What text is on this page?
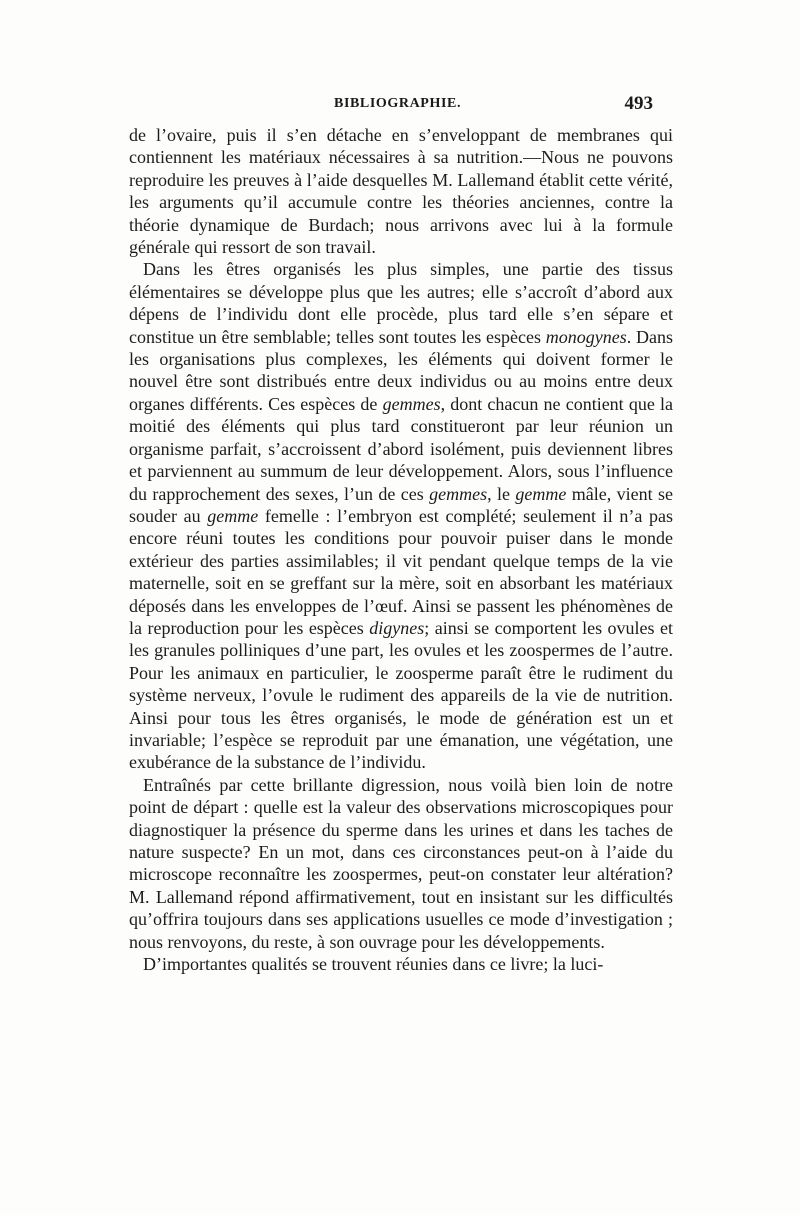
BIBLIOGRAPHIE.	493

de l’ovaire, puis il s’en détache en s’enveloppant de membranes qui contiennent les matériaux nécessaires à sa nutrition.—Nous ne pouvons reproduire les preuves à l’aide desquelles M. Lallemand établit cette vérité, les arguments qu’il accumule contre les théories anciennes, contre la théorie dynamique de Burdach; nous arrivons avec lui à la formule générale qui ressort de son travail.

Dans les êtres organisés les plus simples, une partie des tissus élémentaires se développe plus que les autres; elle s’accroît d’abord aux dépens de l’individu dont elle procède, plus tard elle s’en sépare et constitue un être semblable; telles sont toutes les espèces monogynes. Dans les organisations plus complexes, les éléments qui doivent former le nouvel être sont distribués entre deux individus ou au moins entre deux organes différents. Ces espèces de gemmes, dont chacun ne contient que la moitié des éléments qui plus tard constitueront par leur réunion un organisme parfait, s’accroissent d’abord isolément, puis deviennent libres et parviennent au summum de leur développement. Alors, sous l’influence du rapprochement des sexes, l’un de ces gemmes, le gemme mâle, vient se souder au gemme femelle : l’embryon est complété; seulement il n’a pas encore réuni toutes les conditions pour pouvoir puiser dans le monde extérieur des parties assimilables; il vit pendant quelque temps de la vie maternelle, soit en se greffant sur la mère, soit en absorbant les matériaux déposés dans les enveloppes de l’œuf. Ainsi se passent les phénomènes de la reproduction pour les espèces digynes; ainsi se comportent les ovules et les granules polliniques d’une part, les ovules et les zoospermes de l’autre. Pour les animaux en particulier, le zoosperme paraît être le rudiment du système nerveux, l’ovule le rudiment des appareils de la vie de nutrition. Ainsi pour tous les êtres organisés, le mode de génération est un et invariable; l’espèce se reproduit par une émanation, une végétation, une exubérance de la substance de l’individu.

Entraînés par cette brillante digression, nous voilà bien loin de notre point de départ : quelle est la valeur des observations microscopiques pour diagnostiquer la présence du sperme dans les urines et dans les taches de nature suspecte? En un mot, dans ces circonstances peut-on à l’aide du microscope reconnaître les zoospermes, peut-on constater leur altération? M. Lallemand répond affirmativement, tout en insistant sur les difficultés qu’offrira toujours dans ses applications usuelles ce mode d’investigation ; nous renvoyons, du reste, à son ouvrage pour les développements.

D’importantes qualités se trouvent réunies dans ce livre; la luci-
